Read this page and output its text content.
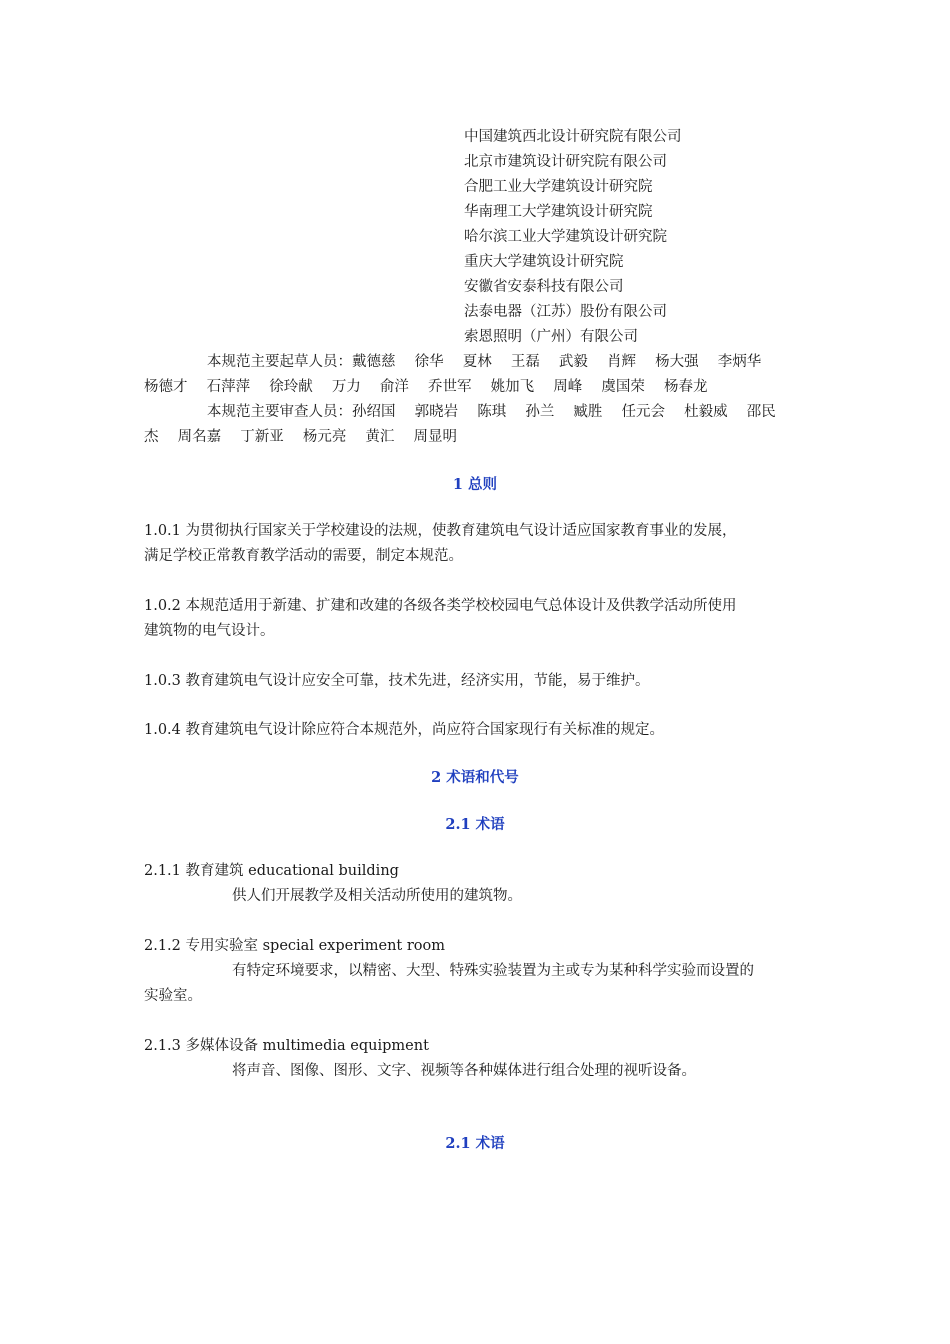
中国建筑西北设计研究院有限公司
北京市建筑设计研究院有限公司
合肥工业大学建筑设计研究院
华南理工大学建筑设计研究院
哈尔滨工业大学建筑设计研究院
重庆大学建筑设计研究院
安徽省安泰科技有限公司
法泰电器（江苏）股份有限公司
索恩照明（广州）有限公司
本规范主要起草人员：戴德慈　 徐华　 夏林　 王磊　 武毅　 肖辉　 杨大强　 李炳华
杨德才　 石萍萍　 徐玲献　 万力　 俞洋　 乔世军　 姚加飞　 周峰　 虞国荣　 杨春龙
本规范主要审查人员：孙绍国　 郭晓岩　 陈琪　 孙兰　 臧胜　 任元会　 杜毅威　 邵民
杰　 周名嘉　 丁新亚　 杨元亮　 黄汇　 周显明
1 总则
1.0.1 为贯彻执行国家关于学校建设的法规，使教育建筑电气设计适应国家教育事业的发展，
满足学校正常教育教学活动的需要，制定本规范。
1.0.2 本规范适用于新建、扩建和改建的各级各类学校校园电气总体设计及供教学活动所使用
建筑物的电气设计。
1.0.3 教育建筑电气设计应安全可靠，技术先进，经济实用，节能，易于维护。
1.0.4 教育建筑电气设计除应符合本规范外，尚应符合国家现行有关标准的规定。
2 术语和代号
2.1 术语
2.1.1 教育建筑 educational building
供人们开展教学及相关活动所使用的建筑物。
2.1.2 专用实验室 special experiment room
有特定环境要求，以精密、大型、特殊实验装置为主或专为某种科学实验而设置的
实验室。
2.1.3 多媒体设备 multimedia equipment
将声音、图像、图形、文字、视频等各种媒体进行组合处理的视听设备。
2.1 术语
